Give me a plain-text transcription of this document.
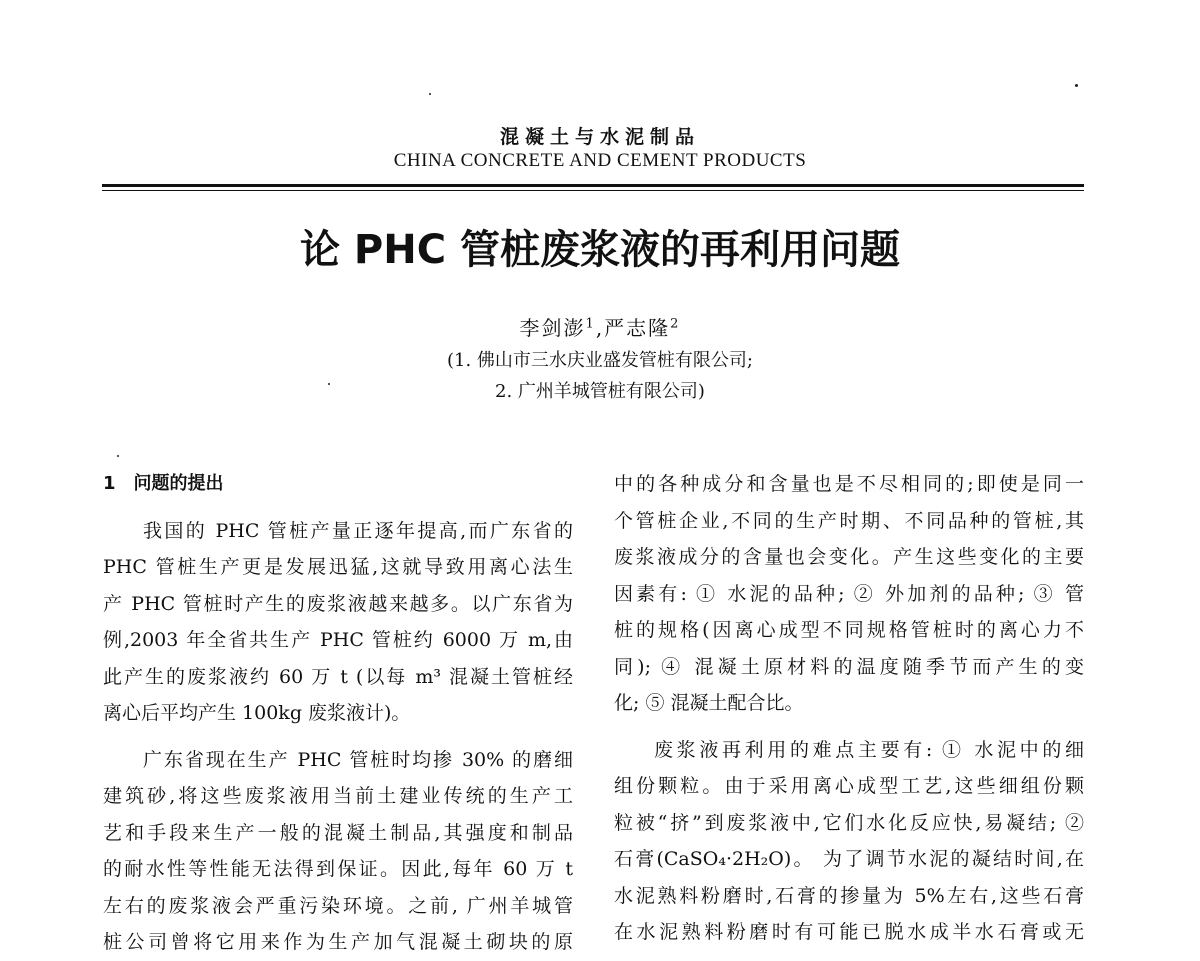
混凝土与水泥制品
CHINA CONCRETE AND CEMENT PRODUCTS
论 PHC 管桩废浆液的再利用问题
李剑澎$^1$,严志隆$^2$
(1. 佛山市三水庆业盛发管桩有限公司;
2. 广州羊城管桩有限公司)
1　问题的提出
我国的 PHC 管桩产量正逐年提高,而广东省的
PHC 管桩生产更是发展迅猛,这就导致用离心法生
产 PHC 管桩时产生的废浆液越来越多。以广东省为
例,2003 年全省共生产 PHC 管桩约 6000 万 m,由
此产生的废浆液约 60 万 t (以每 m³ 混凝土管桩经
离心后平均产生 100kg 废浆液计)。
广东省现在生产 PHC 管桩时均掺 30% 的磨细
建筑砂,将这些废浆液用当前土建业传统的生产工
艺和手段来生产一般的混凝土制品,其强度和制品
的耐水性等性能无法得到保证。因此,每年 60 万 t
左右的废浆液会严重污染环境。之前, 广州羊城管
桩公司曾将它用来作为生产加气混凝土砌块的原
中的各种成分和含量也是不尽相同的;即使是同一
个管桩企业,不同的生产时期、不同品种的管桩,其
废浆液成分的含量也会变化。产生这些变化的主要
因素有: ① 水泥的品种; ② 外加剂的品种; ③ 管
桩的规格(因离心成型不同规格管桩时的离心力不
同); ④ 混凝土原材料的温度随季节而产生的变
化; ⑤ 混凝土配合比。
废浆液再利用的难点主要有: ① 水泥中的细
组份颗粒。由于采用离心成型工艺,这些细组份颗
粒被“挤”到废浆液中,它们水化反应快,易凝结; ②
石膏(CaSO₄·2H₂O)。 为了调节水泥的凝结时间,在
水泥熟料粉磨时,石膏的掺量为 5%左右,这些石膏
在水泥熟料粉磨时有可能已脱水成半水石膏或无
